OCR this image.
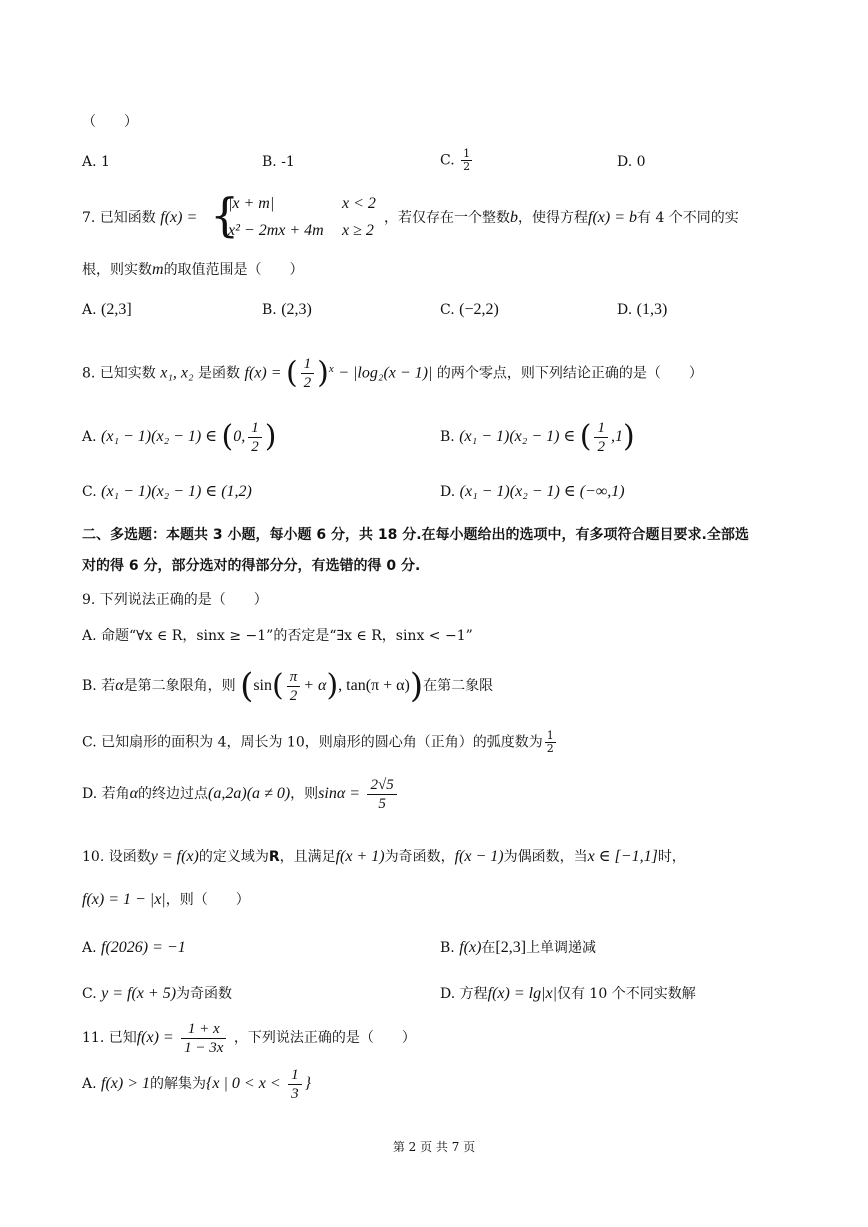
（　　）
A. 1	B. -1	C. $\frac{1}{2}$	D. 0
7. 已知函数 f(x) = {
|x + m|	x < 2
x² − 2mx + 4m x ≥ 2
，若仅存在一个整数b，使得方程f(x) = b有 4 个不同的实
根，则实数m的取值范围是（　　）
A. (2,3]	B. (2,3)	C. (−2,2)	D. (1,3)
8. 已知实数 x₁, x₂ 是函数 f(x) = ( $\frac{1}{2} )^x - |\log_2(x - 1)|$ 的两个零点，则下列结论正确的是（　　）
A. (x₁ − 1)(x₂ − 1) ∈ (0, $\frac{1}{2}$ )	B. (x₁ − 1)(x₂ − 1) ∈ ( $\frac{1}{2} ,1$)
C. (x₁ − 1)(x₂ − 1) ∈ (1,2)	D. (x₁ − 1)(x₂ − 1) ∈ (−∞,1)
二、多选题：本题共 3 小题，每小题 6 分，共 18 分.在每小题给出的选项中，有多项符合题目要求.全部选
对的得 6 分，部分选对的得部分分，有选错的得 0 分.
9. 下列说法正确的是（　　）
A. 命题“∀x ∈ R，sinx ≥ −1”的否定是“∃x ∈ R，sinx < −1”
B. 若α是第二象限角，则 ($\sin( \frac{\pi}{2} + \alpha)$, tan(π + α))在第二象限
C. 已知扇形的面积为 4，周长为 10，则扇形的圆心角（正角）的弧度数为 $\frac{1}{2}$
D. 若角α的终边过点(a,2a)(a ≠ 0)，则$\sin\alpha = \frac{2√5}{5}$
10. 设函数y = f(x)的定义域为R，且满足f(x + 1)为奇函数，f(x − 1)为偶函数，当x ∈ [−1,1]时，
f(x) = 1 − |x|，则（　　）
A. f(2026) = −1	B. f(x)在[2,3]上单调递减
C. y = f(x + 5)为奇函数	D. 方程f(x) = lg|x|仅有 10 个不同实数解
11. 已知$f(x) = \frac{1 + x}{1 - 3x}$ ，下列说法正确的是（　　）
A. f(x) > 1的解集为{x | $0 < x < \frac{1}{3}$ }
第 2 页 共 7 页
